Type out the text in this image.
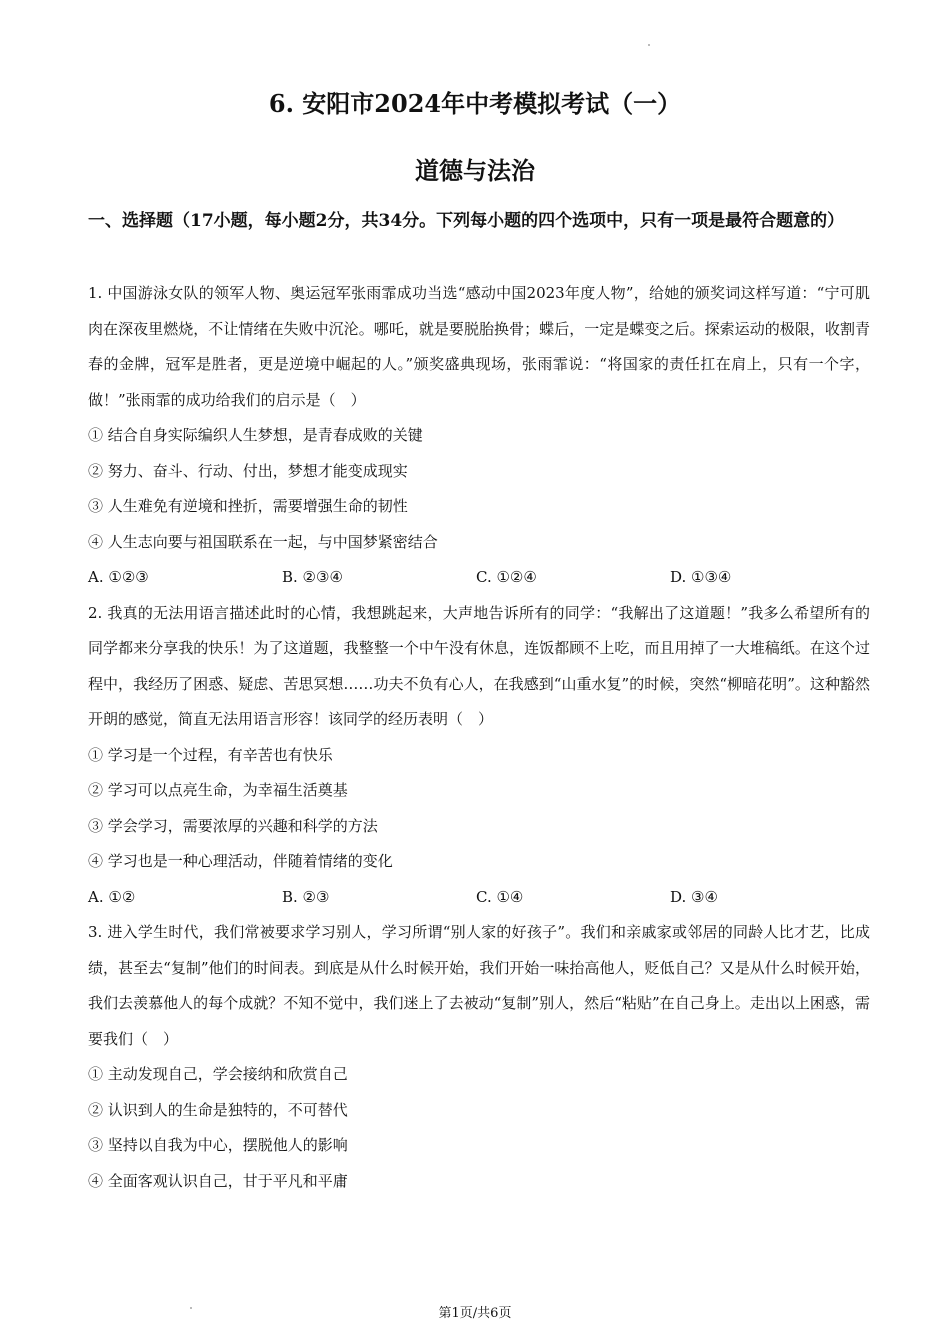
6. 安阳市2024年中考模拟考试（一）
道德与法治
一、选择题（17小题，每小题2分，共34分。下列每小题的四个选项中，只有一项是最符合题意的）

1. 中国游泳女队的领军人物、奥运冠军张雨霏成功当选“感动中国2023年度人物”，给她的颁奖词这样写道：“宁可肌肉在深夜里燃烧，不让情绪在失败中沉沦。哪吒，就是要脱胎换骨；蝶后，一定是蝶变之后。探索运动的极限，收割青春的金牌，冠军是胜者，更是逆境中崛起的人。”颁奖盛典现场，张雨霏说：“将国家的责任扛在肩上，只有一个字，做！”张雨霏的成功给我们的启示是（　）

① 结合自身实际编织人生梦想，是青春成败的关键

② 努力、奋斗、行动、付出，梦想才能变成现实

③ 人生难免有逆境和挫折，需要增强生命的韧性

④ 人生志向要与祖国联系在一起，与中国梦紧密结合

A. ①②③	B. ②③④	C. ①②④	D. ①③④

2. 我真的无法用语言描述此时的心情，我想跳起来，大声地告诉所有的同学：“我解出了这道题！”我多么希望所有的同学都来分享我的快乐！为了这道题，我整整一个中午没有休息，连饭都顾不上吃，而且用掉了一大堆稿纸。在这个过程中，我经历了困惑、疑虑、苦思冥想……功夫不负有心人，在我感到“山重水复”的时候，突然“柳暗花明”。这种豁然开朗的感觉，简直无法用语言形容！该同学的经历表明（　）

① 学习是一个过程，有辛苦也有快乐

② 学习可以点亮生命，为幸福生活奠基

③ 学会学习，需要浓厚的兴趣和科学的方法

④ 学习也是一种心理活动，伴随着情绪的变化

A. ①②	B. ②③	C. ①④	D. ③④

3. 进入学生时代，我们常被要求学习别人，学习所谓“别人家的好孩子”。我们和亲戚家或邻居的同龄人比才艺，比成绩，甚至去“复制”他们的时间表。到底是从什么时候开始，我们开始一味抬高他人，贬低自己？又是从什么时候开始，我们去羡慕他人的每个成就？不知不觉中，我们迷上了去被动“复制”别人，然后“粘贴”在自己身上。走出以上困惑，需要我们（　）

① 主动发现自己，学会接纳和欣赏自己

② 认识到人的生命是独特的，不可替代

③ 坚持以自我为中心，摆脱他人的影响

④ 全面客观认识自己，甘于平凡和平庸

第1页/共6页
